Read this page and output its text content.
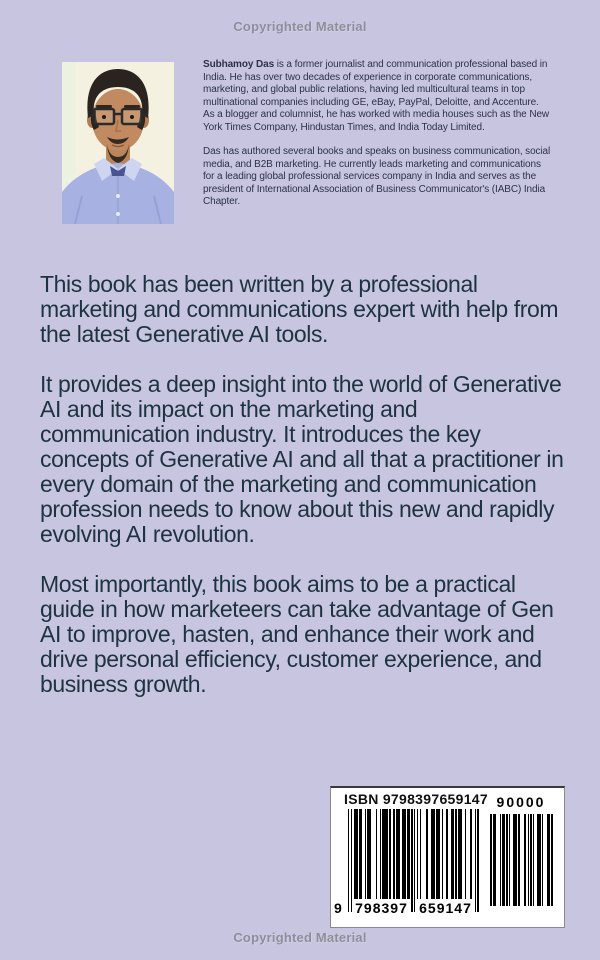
Copyrighted Material

Subhamoy Das is a former journalist and communication professional based in India. He has over two decades of experience in corporate communications, marketing, and global public relations, having led multicultural teams in top multinational companies including GE, eBay, PayPal, Deloitte, and Accenture. As a blogger and columnist, he has worked with media houses such as the New York Times Company, Hindustan Times, and India Today Limited.

Das has authored several books and speaks on business communication, social media, and B2B marketing. He currently leads marketing and communications for a leading global professional services company in India and serves as the president of International Association of Business Communicator's (IABC) India Chapter.

This book has been written by a professional marketing and communications expert with help from the latest Generative AI tools.

It provides a deep insight into the world of Generative AI and its impact on the marketing and communication industry. It introduces the key concepts of Generative AI and all that a practitioner in every domain of the marketing and communication profession needs to know about this new and rapidly evolving AI revolution.

Most importantly, this book aims to be a practical guide in how marketeers can take advantage of Gen AI to improve, hasten, and enhance their work and drive personal efficiency, customer experience, and business growth.

ISBN 9798397659147
9 798397 659147
90000
Copyrighted Material
